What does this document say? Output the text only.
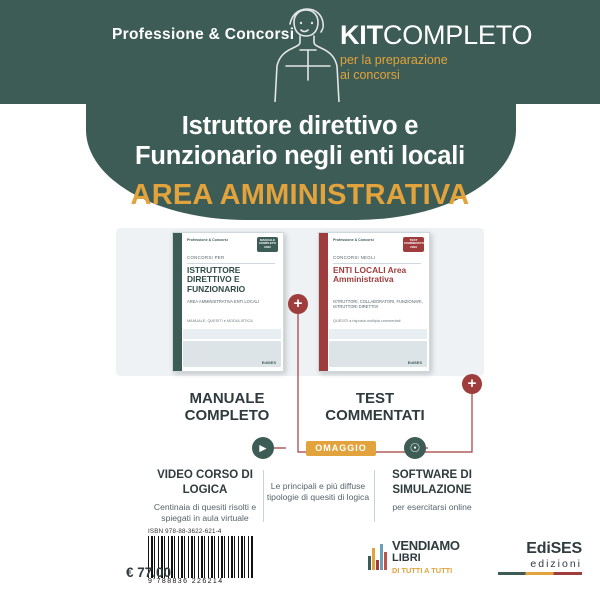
Professione & Concorsi KITCOMPLETO
per la preparazione
ai concorsi
Istruttore direttivo e
Funzionario negli enti locali
AREA AMMINISTRATIVA
Professione & Concorsi	MANUALE COMPLETO 2023
CONCORSI PER
ISTRUTTORE DIRETTIVO E FUNZIONARIO
AREA AMMINISTRATIVA ENTI LOCALI
MANUALE, QUESITI e MODULISTICA
EdiSES
Professione & Concorsi	TEST COMMENTATI 2023
CONCORSI NEGLI
ENTI LOCALI Area Amministrativa
ISTRUTTORI, COLLABORATORI, FUNZIONARI, ISTRUTTORI DIRETTIVI
QUESITI a risposta multipla commentati
EdiSES
+
+
MANUALE
COMPLETO
TEST
COMMENTATI
OMAGGIO
►	☉
VIDEO CORSO DI LOGICA
Centinaia di quesiti risolti e spiegati in aula virtuale
Le principali e più diffuse tipologie di quesiti di logica
SOFTWARE DI SIMULAZIONE
per esercitarsi online
ISBN 978-88-3622-621-4
9 788836 226214
€ 77,00
VENDIAMO
LIBRI
DI TUTTI A TUTTI
EdiSES
edizioni
